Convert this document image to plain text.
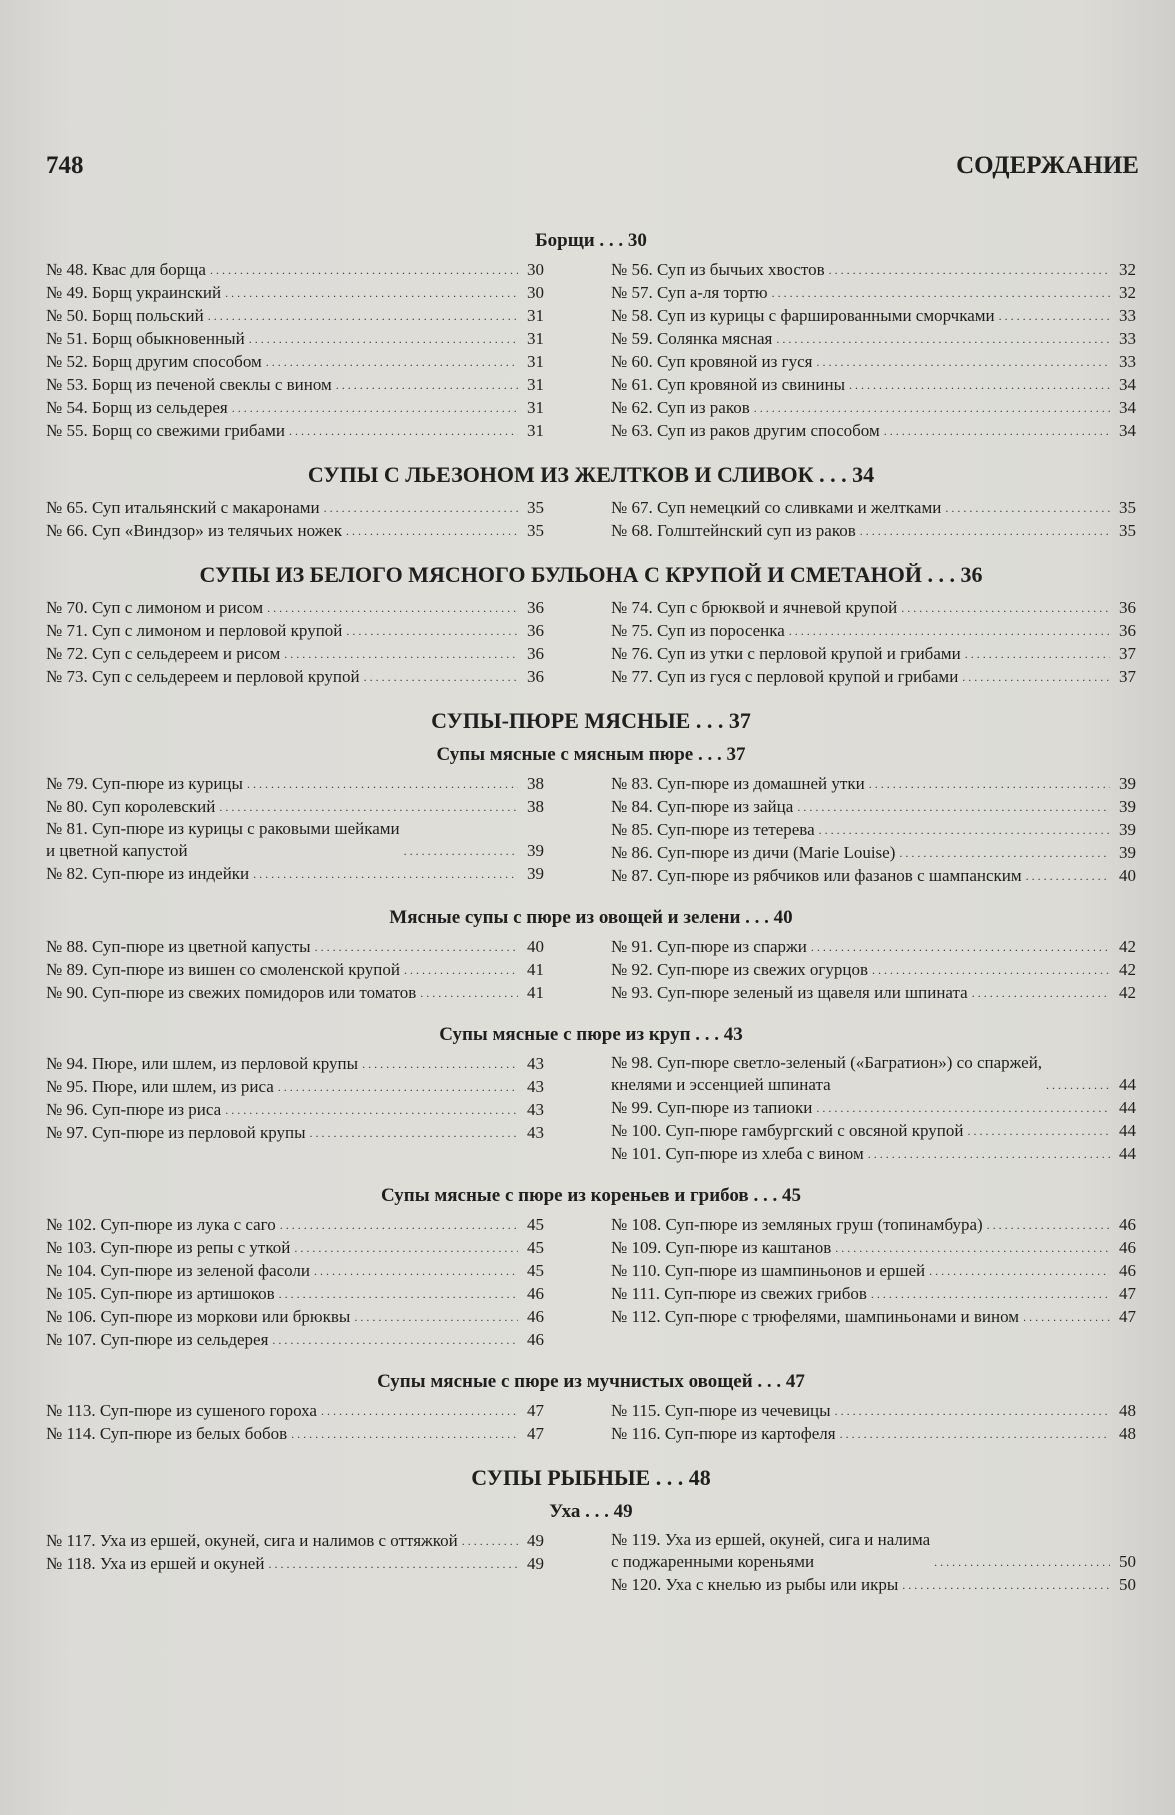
748	СОДЕРЖАНИЕ
Борщи . . . 30
№ 48. Квас для борща . . .	30
№ 49. Борщ украинский . . .	30
№ 50. Борщ польский . . .	31
№ 51. Борщ обыкновенный . . .	31
№ 52. Борщ другим способом . . .	31
№ 53. Борщ из печеной свеклы с вином . . .	31
№ 54. Борщ из сельдерея . . .	31
№ 55. Борщ со свежими грибами . . .	31
№ 56. Суп из бычьих хвостов . . .	32
№ 57. Суп а-ля тортю . . .	32
№ 58. Суп из курицы с фаршированными сморчками . . .	33
№ 59. Солянка мясная . . .	33
№ 60. Суп кровяной из гуся . . .	33
№ 61. Суп кровяной из свинины . . .	34
№ 62. Суп из раков . . .	34
№ 63. Суп из раков другим способом . . .	34
СУПЫ С ЛЬЕЗОНОМ ИЗ ЖЕЛТКОВ И СЛИВОК . . . 34
№ 65. Суп итальянский с макаронами . . .	35
№ 66. Суп «Виндзор» из телячьих ножек . . .	35
№ 67. Суп немецкий со сливками и желтками . . .	35
№ 68. Голштейнский суп из раков . . .	35
СУПЫ ИЗ БЕЛОГО МЯСНОГО БУЛЬОНА С КРУПОЙ И СМЕТАНОЙ . . . 36
№ 70. Суп с лимоном и рисом . . .	36
№ 71. Суп с лимоном и перловой крупой . . .	36
№ 72. Суп с сельдереем и рисом . . .	36
№ 73. Суп с сельдереем и перловой крупой . . .	36
№ 74. Суп с брюквой и ячневой крупой . . .	36
№ 75. Суп из поросенка . . .	36
№ 76. Суп из утки с перловой крупой и грибами . . .	37
№ 77. Суп из гуся с перловой крупой и грибами . . .	37
СУПЫ-ПЮРЕ МЯСНЫЕ . . . 37
Супы мясные с мясным пюре . . . 37
№ 79. Суп-пюре из курицы . . .	38
№ 80. Суп королевский . . .	38
№ 81. Суп-пюре из курицы с раковыми шейками
и цветной капустой . . .	39
№ 82. Суп-пюре из индейки . . .	39
№ 83. Суп-пюре из домашней утки . . .	39
№ 84. Суп-пюре из зайца . . .	39
№ 85. Суп-пюре из тетерева . . .	39
№ 86. Суп-пюре из дичи (Marie Louise) . . .	39
№ 87. Суп-пюре из рябчиков или фазанов с шампанским . . .	40
Мясные супы с пюре из овощей и зелени . . . 40
№ 88. Суп-пюре из цветной капусты . . .	40
№ 89. Суп-пюре из вишен со смоленской крупой . . .	41
№ 90. Суп-пюре из свежих помидоров или томатов . . .	41
№ 91. Суп-пюре из спаржи . . .	42
№ 92. Суп-пюре из свежих огурцов . . .	42
№ 93. Суп-пюре зеленый из щавеля или шпината . . .	42
Супы мясные с пюре из круп . . . 43
№ 94. Пюре, или шлем, из перловой крупы . . .	43
№ 95. Пюре, или шлем, из риса . . .	43
№ 96. Суп-пюре из риса . . .	43
№ 97. Суп-пюре из перловой крупы . . .	43
№ 98. Суп-пюре светло-зеленый («Багратион») со спаржей,
кнелями и эссенцией шпината . . .	44
№ 99. Суп-пюре из тапиоки . . .	44
№ 100. Суп-пюре гамбургский с овсяной крупой . . .	44
№ 101. Суп-пюре из хлеба с вином . . .	44
Супы мясные с пюре из кореньев и грибов . . . 45
№ 102. Суп-пюре из лука с саго . . .	45
№ 103. Суп-пюре из репы с уткой . . .	45
№ 104. Суп-пюре из зеленой фасоли . . .	45
№ 105. Суп-пюре из артишоков . . .	46
№ 106. Суп-пюре из моркови или брюквы . . .	46
№ 107. Суп-пюре из сельдерея . . .	46
№ 108. Суп-пюре из земляных груш (топинамбура) . . .	46
№ 109. Суп-пюре из каштанов . . .	46
№ 110. Суп-пюре из шампиньонов и ершей . . .	46
№ 111. Суп-пюре из свежих грибов . . .	47
№ 112. Суп-пюре с трюфелями, шампиньонами и вином . . .	47
Супы мясные с пюре из мучнистых овощей . . . 47
№ 113. Суп-пюре из сушеного гороха . . .	47
№ 114. Суп-пюре из белых бобов . . .	47
№ 115. Суп-пюре из чечевицы . . .	48
№ 116. Суп-пюре из картофеля . . .	48
СУПЫ РЫБНЫЕ . . . 48
Уха . . . 49
№ 117. Уха из ершей, окуней, сига и налимов с оттяжкой . . .	49
№ 118. Уха из ершей и окуней . . .	49
№ 119. Уха из ершей, окуней, сига и налима
с поджаренными кореньями . . .	50
№ 120. Уха с кнелью из рыбы или икры . . .	50
